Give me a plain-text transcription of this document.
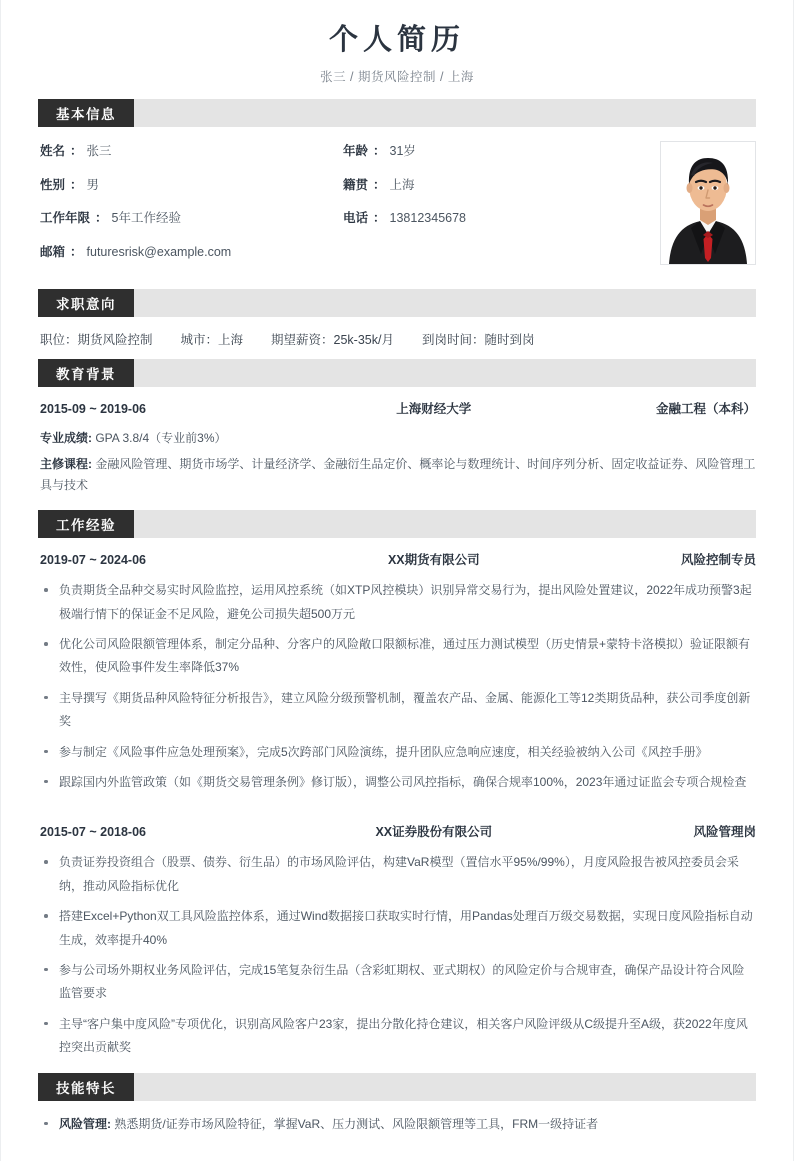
个人简历
张三 / 期货风险控制 / 上海
基本信息
姓名 ： 张三	年龄 ： 31岁
性别 ： 男	籍贯 ： 上海
工作年限 ： 5年工作经验	电话 ： 13812345678
邮箱 ： futuresrisk@example.com
求职意向
职位：期货风险控制 城市：上海 期望薪资：25k-35k/月 到岗时间：随时到岗
教育背景
2015-09 ~ 2019-06	上海财经大学	金融工程（本科）
专业成绩: GPA 3.8/4（专业前3%）
主修课程: 金融风险管理、期货市场学、计量经济学、金融衍生品定价、概率论与数理统计、时间序列分析、固定收益证券、风险管理工具与技术
工作经验
2019-07 ~ 2024-06	XX期货有限公司	风险控制专员
负责期货全品种交易实时风险监控，运用风控系统（如XTP风控模块）识别异常交易行为，提出风险处置建议，2022年成功预警3起极端行情下的保证金不足风险，避免公司损失超500万元
优化公司风险限额管理体系，制定分品种、分客户的风险敞口限额标准，通过压力测试模型（历史情景+蒙特卡洛模拟）验证限额有效性，使风险事件发生率降低37%
主导撰写《期货品种风险特征分析报告》，建立风险分级预警机制，覆盖农产品、金属、能源化工等12类期货品种，获公司季度创新奖
参与制定《风险事件应急处理预案》，完成5次跨部门风险演练，提升团队应急响应速度，相关经验被纳入公司《风控手册》
跟踪国内外监管政策（如《期货交易管理条例》修订版），调整公司风控指标，确保合规率100%，2023年通过证监会专项合规检查
2015-07 ~ 2018-06	XX证券股份有限公司	风险管理岗
负责证券投资组合（股票、债券、衍生品）的市场风险评估，构建VaR模型（置信水平95%/99%），月度风险报告被风控委员会采纳，推动风险指标优化
搭建Excel+Python双工具风险监控体系，通过Wind数据接口获取实时行情，用Pandas处理百万级交易数据，实现日度风险指标自动生成，效率提升40%
参与公司场外期权业务风险评估，完成15笔复杂衍生品（含彩虹期权、亚式期权）的风险定价与合规审查，确保产品设计符合风险监管要求
主导“客户集中度风险”专项优化，识别高风险客户23家，提出分散化持仓建议，相关客户风险评级从C级提升至A级，获2022年度风控突出贡献奖
技能特长
风险管理: 熟悉期货/证券市场风险特征，掌握VaR、压力测试、风险限额管理等工具，FRM一级持证者
